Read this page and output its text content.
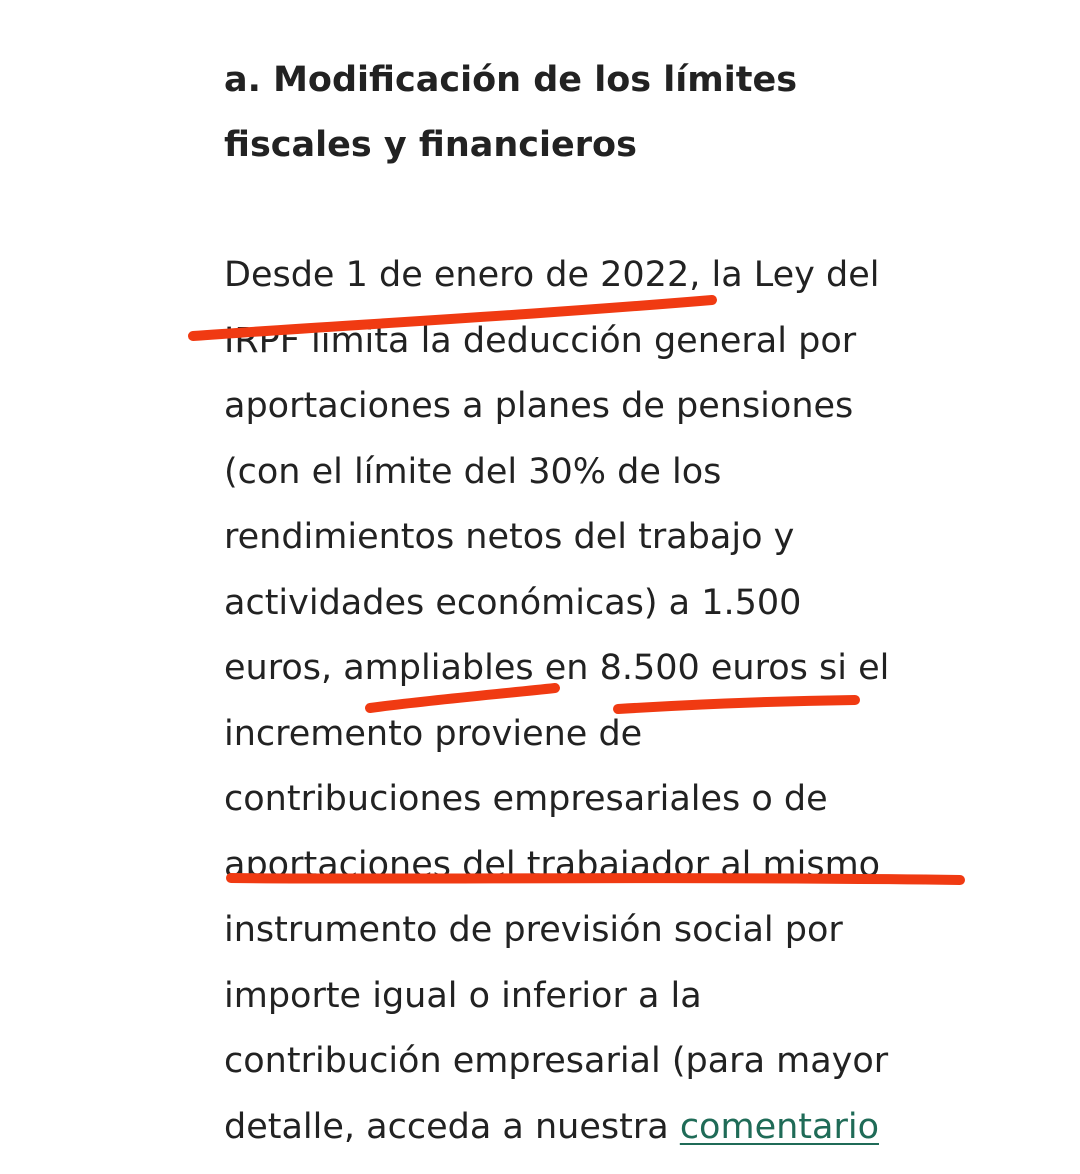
a. Modificación de los límites
fiscales y financieros

Desde 1 de enero de 2022, la Ley del
IRPF limita la deducción general por
aportaciones a planes de pensiones
(con el límite del 30% de los
rendimientos netos del trabajo y
actividades económicas) a 1.500
euros, ampliables en 8.500 euros si el
incremento proviene de
contribuciones empresariales o de
aportaciones del trabajador al mismo
instrumento de previsión social por
importe igual o inferior a la
contribución empresarial (para mayor
detalle, acceda a nuestra comentario
